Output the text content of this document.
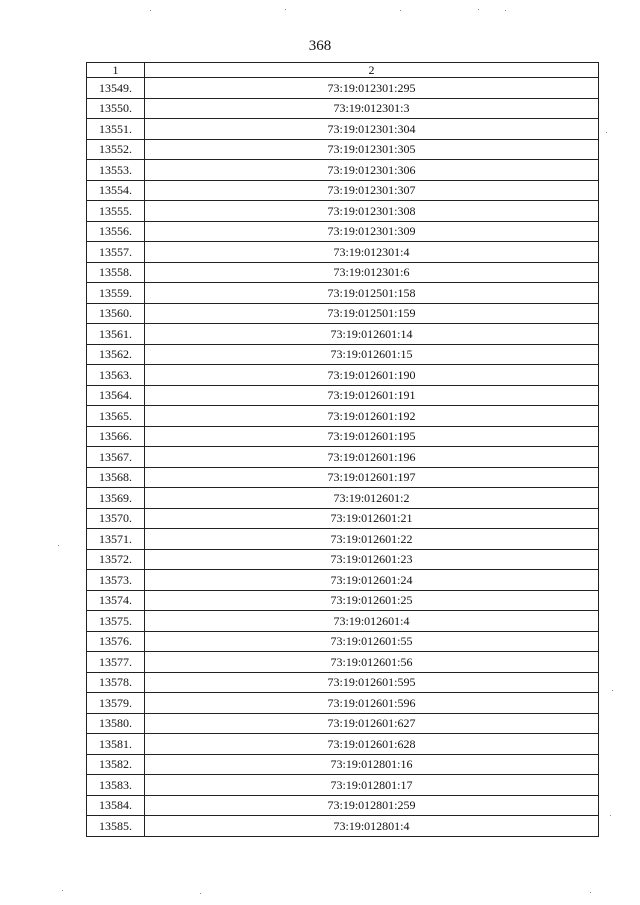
368
1	2
13549.	73:19:012301:295
13550.	73:19:012301:3
13551.	73:19:012301:304
13552.	73:19:012301:305
13553.	73:19:012301:306
13554.	73:19:012301:307
13555.	73:19:012301:308
13556.	73:19:012301:309
13557.	73:19:012301:4
13558.	73:19:012301:6
13559.	73:19:012501:158
13560.	73:19:012501:159
13561.	73:19:012601:14
13562.	73:19:012601:15
13563.	73:19:012601:190
13564.	73:19:012601:191
13565.	73:19:012601:192
13566.	73:19:012601:195
13567.	73:19:012601:196
13568.	73:19:012601:197
13569.	73:19:012601:2
13570.	73:19:012601:21
13571.	73:19:012601:22
13572.	73:19:012601:23
13573.	73:19:012601:24
13574.	73:19:012601:25
13575.	73:19:012601:4
13576.	73:19:012601:55
13577.	73:19:012601:56
13578.	73:19:012601:595
13579.	73:19:012601:596
13580.	73:19:012601:627
13581.	73:19:012601:628
13582.	73:19:012801:16
13583.	73:19:012801:17
13584.	73:19:012801:259
13585.	73:19:012801:4
